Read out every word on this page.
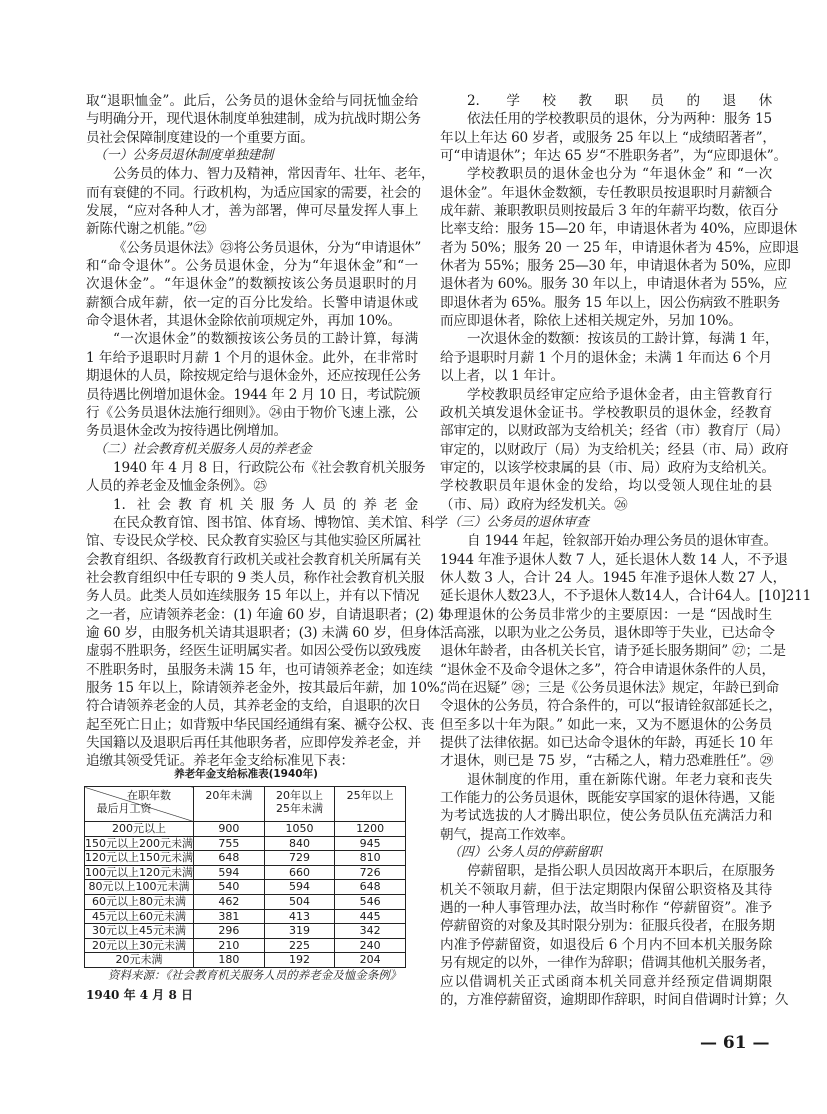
取“退职恤金”。此后，公务员的退休金给与同抚恤金给
与明确分开，现代退休制度单独建制，成为抗战时期公务
员社会保障制度建设的一个重要方面。
（一）公务员退休制度单独建制
公务员的体力、智力及精神，常因青年、壮年、老年，
而有衰健的不同。行政机构，为适应国家的需要，社会的
发展，“应对各种人才，善为部署，俾可尽量发挥人事上
新陈代谢之机能。”㉒
《公务员退休法》㉓将公务员退休，分为“申请退休”
和“命令退休”。公务员退休金，分为“年退休金”和“一
次退休金”。“年退休金”的数额按该公务员退职时的月
薪额合成年薪，依一定的百分比发给。长警申请退休或
命令退休者，其退休金除依前项规定外，再加 10%。
“一次退休金”的数额按该公务员的工龄计算，每满
1 年给予退职时月薪 1 个月的退休金。此外，在非常时
期退休的人员，除按规定给与退休金外，还应按现任公务
员待遇比例增加退休金。1944 年 2 月 10 日，考试院颁
行《公务员退休法施行细则》。㉔由于物价飞速上涨，公
务员退休金改为按待遇比例增加。
（二）社会教育机关服务人员的养老金
1940 年 4 月 8 日，行政院公布《社会教育机关服务
人员的养老金及恤金条例》。㉕
1. 社会教育机关服务人员的养老金
在民众教育馆、图书馆、体育场、博物馆、美术馆、科学
馆、专设民众学校、民众教育实验区与其他实验区所属社
会教育组织、各级教育行政机关或社会教育机关所属有关
社会教育组织中任专职的 9 类人员，称作社会教育机关服
务人员。此类人员如连续服务 15 年以上，并有以下情况
之一者，应请领养老金：(1) 年逾 60 岁，自请退职者；(2) 年
逾 60 岁，由服务机关请其退职者；(3) 未满 60 岁，但身体
虚弱不胜职务，经医生证明属实者。如因公受伤以致残废
不胜职务时，虽服务未满 15 年，也可请领养老金；如连续
服务 15 年以上，除请领养老金外，按其最后年薪，加 10%。
符合请领养老金的人员，其养老金的支给，自退职的次日
起至死亡日止；如背叛中华民国经通缉有案、褫夺公权、丧
失国籍以及退职后再任其他职务者，应即停发养老金，并
追缴其领受凭证。养老年金支给标准见下表：
养老年金支给标准表(1940年)
在职年数
最后月工资	20年未满	20年以上
25年未满	25年以上
200元以上	900	1050	1200
150元以上200元未满	755	840	945
120元以上150元未满	648	729	810
100元以上120元未满	594	660	726
80元以上100元未满	540	594	648
60元以上80元未满	462	504	546
45元以上60元未满	381	413	445
30元以上45元未满	296	319	342
20元以上30元未满	210	225	240
20元未满	180	192	204
资料来源：《社会教育机关服务人员的养老金及恤金条例》
1940 年 4 月 8 日
2. 学校教职员的退休
依法任用的学校教职员的退休，分为两种：服务 15
年以上年达 60 岁者，或服务 25 年以上 “成绩昭著者”，
可“申请退休”；年达 65 岁“不胜职务者”，为“应即退休”。
学校教职员的退休金也分为 “年退休金” 和 “一次
退休金”。年退休金数额，专任教职员按退职时月薪额合
成年薪、兼职教职员则按最后 3 年的年薪平均数，依百分
比率支给：服务 15—20 年，申请退休者为 40%，应即退休
者为 50%；服务 20 一 25 年，申请退休者为 45%，应即退
休者为 55%；服务 25—30 年，申请退休者为 50%，应即
退休者为 60%。服务 30 年以上，申请退休者为 55%，应
即退休者为 65%。服务 15 年以上，因公伤病致不胜职务
而应即退休者，除依上述相关规定外，另加 10%。
一次退休金的数额：按该员的工龄计算，每满 1 年，
给予退职时月薪 1 个月的退休金；未满 1 年而达 6 个月
以上者，以 1 年计。
学校教职员经审定应给予退休金者，由主管教育行
政机关填发退休金证书。学校教职员的退休金，经教育
部审定的，以财政部为支给机关；经省（市）教育厅（局）
审定的，以财政厅（局）为支给机关；经县（市、局）政府
审定的，以该学校隶属的县（市、局）政府为支给机关。
学校教职员年退休金的发给，均以受领人现住址的县
（市、局）政府为经发机关。㉖
（三）公务员的退休审查
自 1944 年起，铨叙部开始办理公务员的退休审查。
1944 年准予退休人数 7 人，延长退休人数 14 人，不予退
休人数 3 人，合计 24 人。1945 年准予退休人数 27 人，
延长退休人数23人，不予退休人数14人，合计64人。[10]211
办理退休的公务员非常少的主要原因：一是 “因战时生
活高涨，以职为业之公务员，退休即等于失业，已达命令
退休年龄者，由各机关长官，请予延长服务期间” ㉗；二是
“退休金不及命令退休之多”，符合申请退休条件的人员，
“尚在迟疑” ㉘；三是《公务员退休法》规定，年龄已到命
令退休的公务员，符合条件的，可以“报请铨叙部延长之，
但至多以十年为限。” 如此一来，又为不愿退休的公务员
提供了法律依据。如已达命令退休的年龄，再延长 10 年
才退休，则已是 75 岁，“古稀之人，精力恐难胜任”。㉙
退休制度的作用，重在新陈代谢。年老力衰和丧失
工作能力的公务员退休，既能安享国家的退休待遇，又能
为考试选拔的人才腾出职位，使公务员队伍充满活力和
朝气，提高工作效率。
（四）公务人员的停薪留职
停薪留职，是指公职人员因故离开本职后，在原服务
机关不领取月薪，但于法定期限内保留公职资格及其待
遇的一种人事管理办法，故当时称作 “停薪留资”。准予
停薪留资的对象及其时限分别为：征服兵役者，在服务期
内准予停薪留资，如退役后 6 个月内不回本机关服务除
另有规定的以外，一律作为辞职；借调其他机关服务者，
应以借调机关正式函商本机关同意并经预定借调期限
的，方准停薪留资，逾期即作辞职，时间自借调时计算；久
— 61 —
